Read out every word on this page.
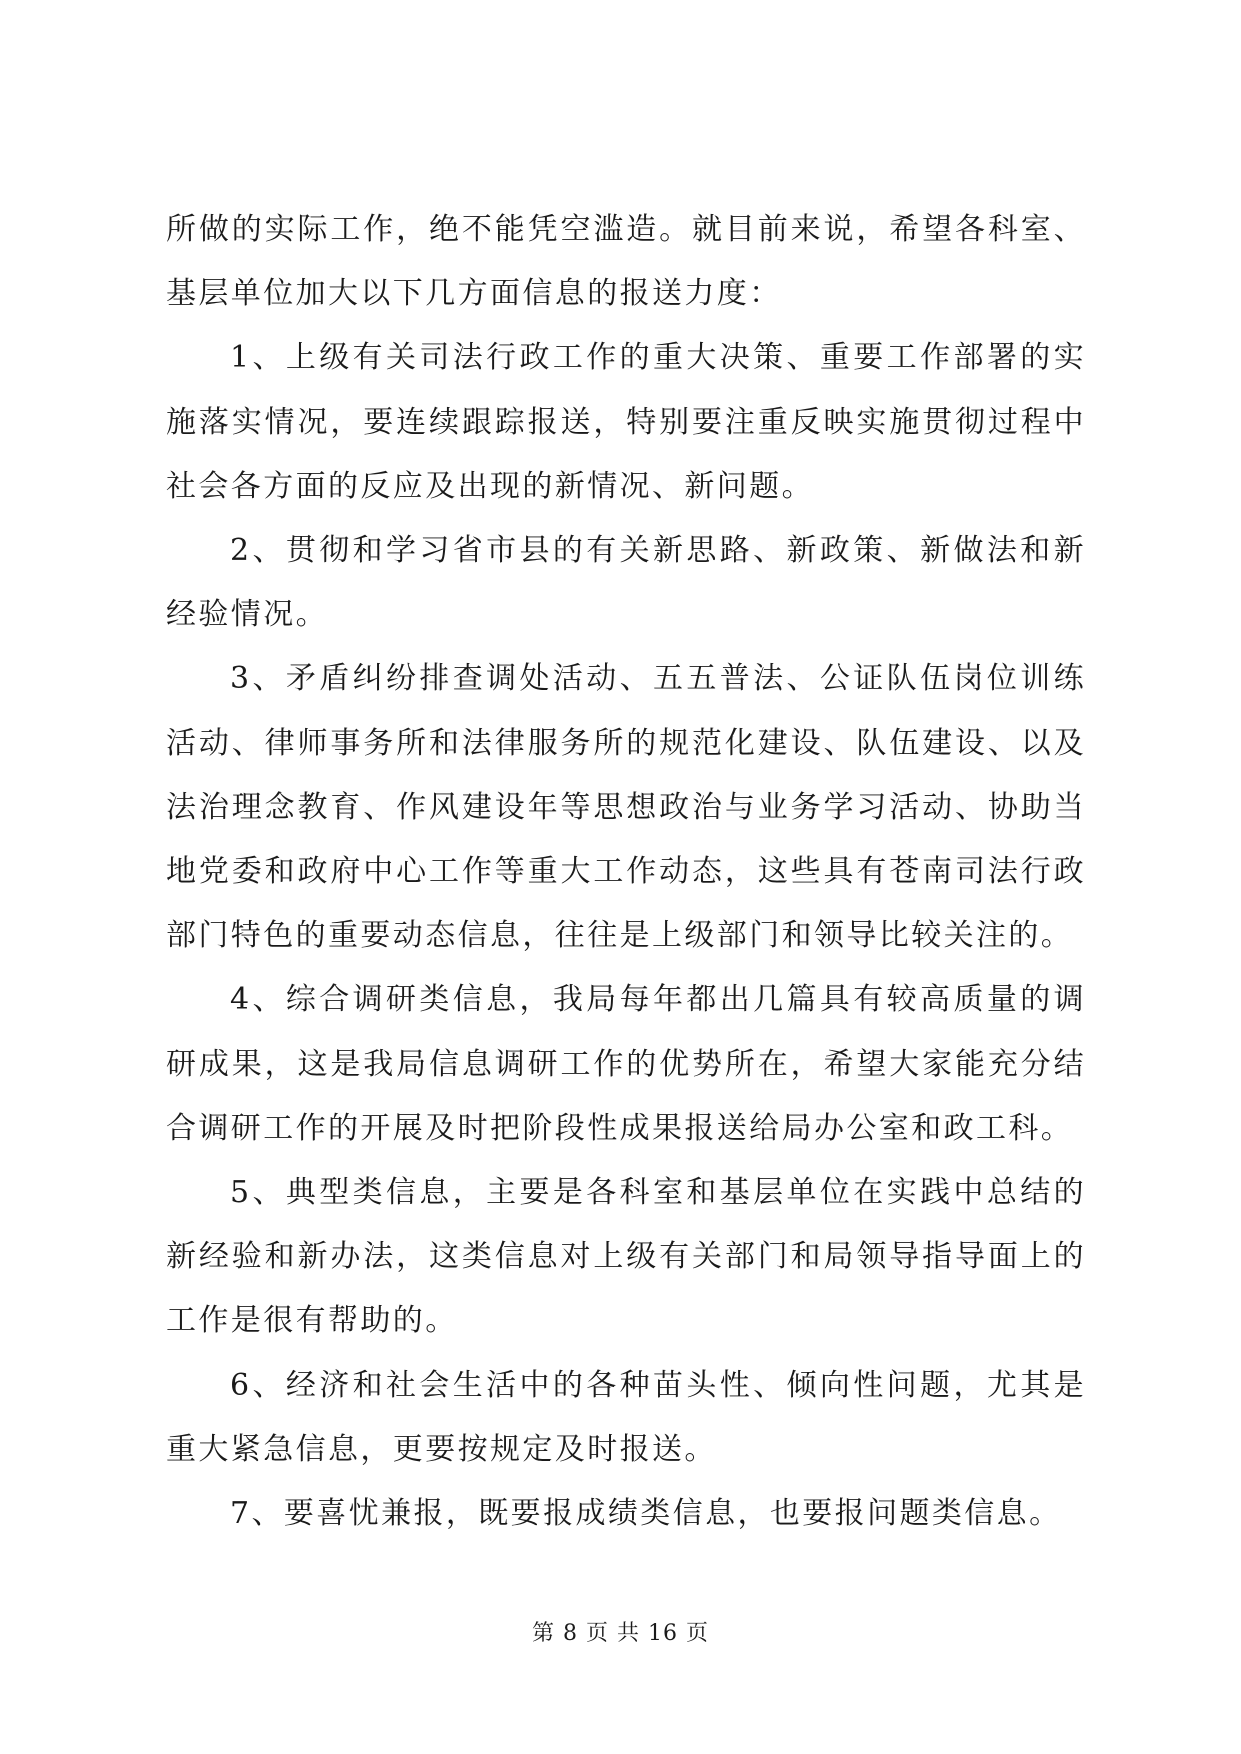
所做的实际工作，绝不能凭空滥造。就目前来说，希望各科室、基层单位加大以下几方面信息的报送力度：

1、上级有关司法行政工作的重大决策、重要工作部署的实施落实情况，要连续跟踪报送，特别要注重反映实施贯彻过程中社会各方面的反应及出现的新情况、新问题。

2、贯彻和学习省市县的有关新思路、新政策、新做法和新经验情况。

3、矛盾纠纷排查调处活动、五五普法、公证队伍岗位训练活动、律师事务所和法律服务所的规范化建设、队伍建设、以及法治理念教育、作风建设年等思想政治与业务学习活动、协助当地党委和政府中心工作等重大工作动态，这些具有苍南司法行政部门特色的重要动态信息，往往是上级部门和领导比较关注的。

4、综合调研类信息，我局每年都出几篇具有较高质量的调研成果，这是我局信息调研工作的优势所在，希望大家能充分结合调研工作的开展及时把阶段性成果报送给局办公室和政工科。

5、典型类信息，主要是各科室和基层单位在实践中总结的新经验和新办法，这类信息对上级有关部门和局领导指导面上的工作是很有帮助的。

6、经济和社会生活中的各种苗头性、倾向性问题，尤其是重大紧急信息，更要按规定及时报送。

7、要喜忧兼报，既要报成绩类信息，也要报问题类信息。

第 8 页 共 16 页
